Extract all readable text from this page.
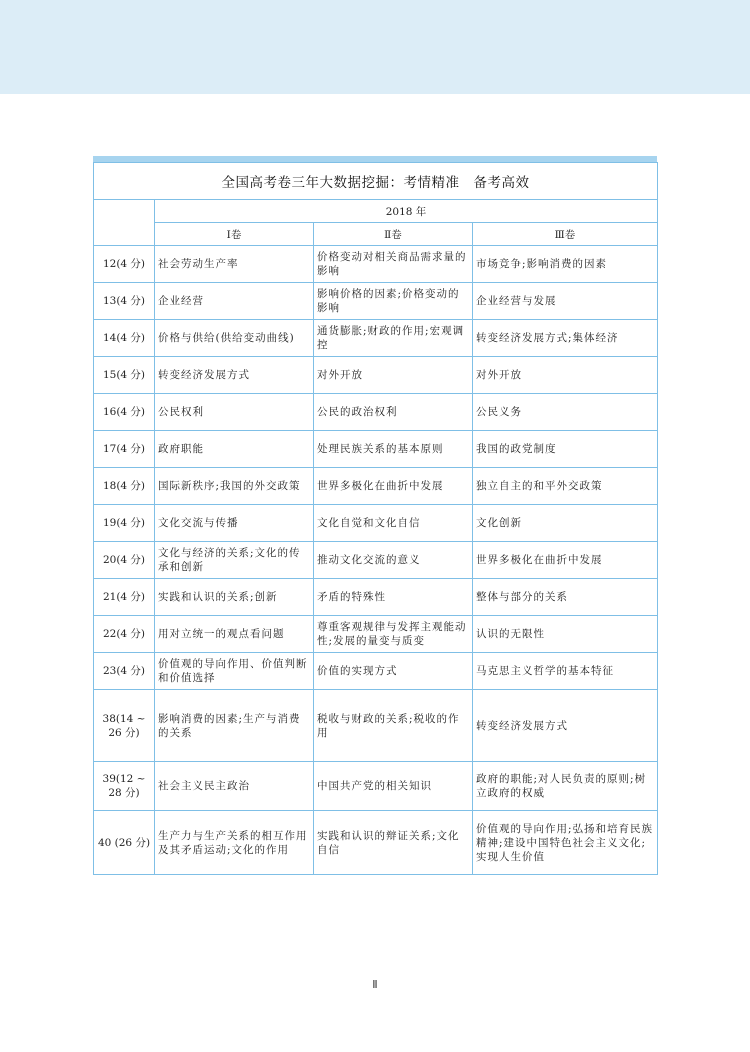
全国高考卷三年大数据挖掘：考情精准　备考高效			
	2018 年		
	Ⅰ卷	Ⅱ卷	Ⅲ卷
12(4 分)	社会劳动生产率	价格变动对相关商品需求量的影响	市场竞争;影响消费的因素
13(4 分)	企业经营	影响价格的因素;价格变动的影响	企业经营与发展
14(4 分)	价格与供给(供给变动曲线)	通货膨胀;财政的作用;宏观调控	转变经济发展方式;集体经济
15(4 分)	转变经济发展方式	对外开放	对外开放
16(4 分)	公民权利	公民的政治权利	公民义务
17(4 分)	政府职能	处理民族关系的基本原则	我国的政党制度
18(4 分)	国际新秩序;我国的外交政策	世界多极化在曲折中发展	独立自主的和平外交政策
19(4 分)	文化交流与传播	文化自觉和文化自信	文化创新
20(4 分)	文化与经济的关系;文化的传承和创新	推动文化交流的意义	世界多极化在曲折中发展
21(4 分)	实践和认识的关系;创新	矛盾的特殊性	整体与部分的关系
22(4 分)	用对立统一的观点看问题	尊重客观规律与发挥主观能动性;发展的量变与质变	认识的无限性
23(4 分)	价值观的导向作用、价值判断和价值选择	价值的实现方式	马克思主义哲学的基本特征
38(14 ~ 26 分)	影响消费的因素;生产与消费的关系	税收与财政的关系;税收的作用	转变经济发展方式
39(12 ~ 28 分)	社会主义民主政治	中国共产党的相关知识	政府的职能;对人民负责的原则;树立政府的权威
40 (26 分)	生产力与生产关系的相互作用及其矛盾运动;文化的作用	实践和认识的辩证关系;文化自信	价值观的导向作用;弘扬和培育民族精神;建设中国特色社会主义文化;实现人生价值
Ⅱ
